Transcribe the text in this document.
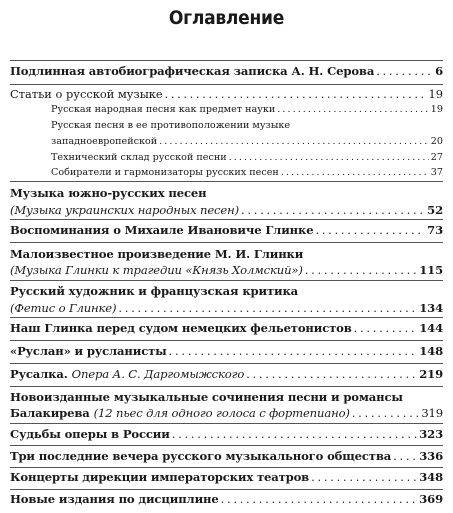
Оглавление
Подлинная автобиографическая записка А. Н. Серова . . .	6
Статьи о русской музыке . . .	19
Русская народная песня как предмет науки . . .	19
Русская песня в ее противоположении музыке
западноевропейской . . .	20
Технический склад русской песни . . .	27
Собиратели и гармонизаторы русских песен . . .	37
Музыка южно-русских песен
(Музыка украинских народных песен) . . .	52
Воспоминания о Михаиле Ивановиче Глинке . . .	73
Малоизвестное произведение М. И. Глинки
(Музыка Глинки к трагедии «Князь Холмский») . . .	115
Русский художник и французская критика
(Фетис о Глинке) . . .	134
Наш Глинка перед судом немецких фельетонистов . . .	144
«Руслан» и русланисты . . .	148
Русалка. Опера А. С. Даргомыжского . . .	219
Новоизданные музыкальные сочинения песни и романсы
Балакирева (12 пьес для одного голоса с фортепиано) . . .	319
Судьбы оперы в России . . .	323
Три последние вечера русского музыкального общества . . . 336
Концерты дирекции императорских театров . . .	348
Новые издания по дисциплине . . .	369
